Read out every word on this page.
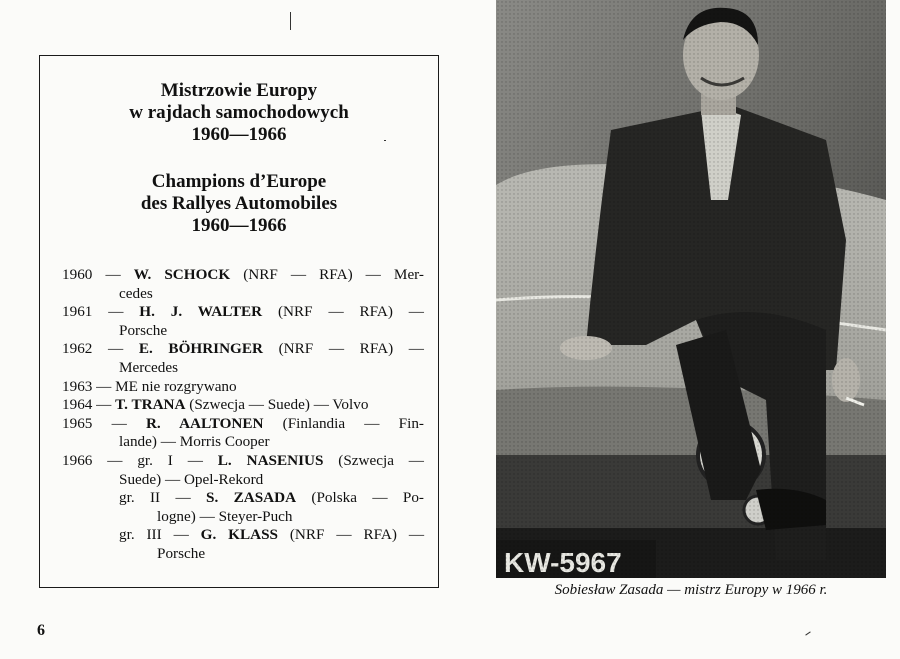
Mistrzowie Europy
w rajdach samochodowych
1960—1966
Champions d’Europe
des Rallyes Automobiles
1960—1966
1960 — W. SCHOCK (NRF — RFA) — Mer-
cedes
1961 — H. J. WALTER (NRF — RFA) —
Porsche
1962 — E. BÖHRINGER (NRF — RFA) —
Mercedes
1963 — ME nie rozgrywano
1964 — T. TRANA (Szwecja — Suede) — Volvo
1965 — R. AALTONEN (Finlandia — Fin-
lande) — Morris Cooper
1966 — gr. I — L. NASENIUS (Szwecja —
Suede) — Opel-Rekord
gr. II — S. ZASADA (Polska — Po-
logne) — Steyer-Puch
gr. III — G. KLASS (NRF — RFA) —
Porsche
Sobiesław Zasada — mistrz Europy w 1966 r.
6
